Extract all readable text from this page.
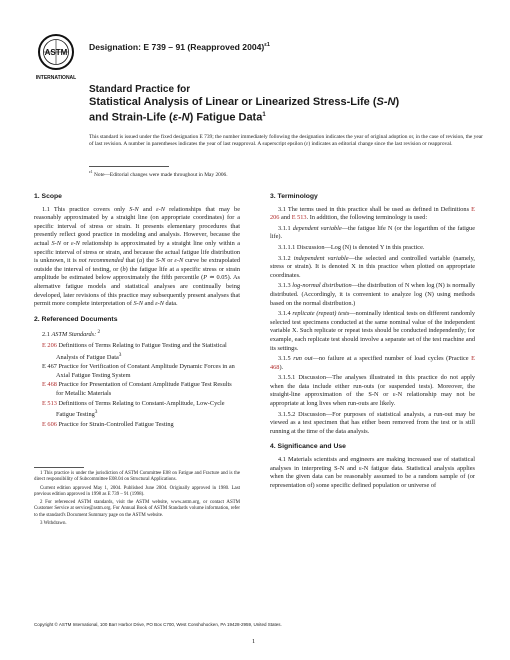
ASTM
INTERNATIONAL
Designation: E 739 – 91 (Reapproved 2004)$^{\varepsilon 1}$
Standard Practice for
Statistical Analysis of Linear or Linearized Stress-Life (S-N)
and Strain-Life (ε-N) Fatigue Data$^1$
This standard is issued under the fixed designation E 739; the number immediately following the designation indicates the year of original adoption or, in the case of revision, the year of last revision. A number in parentheses indicates the year of last reapproval. A superscript epsilon (ε) indicates an editorial change since the last revision or reapproval.
$^{\varepsilon 1}$ Note—Editorial changes were made throughout in May 2006.
1. Scope

1.1 This practice covers only S-N and ε-N relationships that may be reasonably approximated by a straight line (on appropriate coordinates) for a specific interval of stress or strain. It presents elementary procedures that presently reflect good practice in modeling and analysis. However, because the actual S-N or ε-N relationship is approximated by a straight line only within a specific interval of stress or strain, and because the actual fatigue life distribution is unknown, it is not recommended that (a) the S-N or ε-N curve be extrapolated outside the interval of testing, or (b) the fatigue life at a specific stress or strain amplitude be estimated below approximately the fifth percentile (P ≃ 0.05). As alternative fatigue models and statistical analyses are continually being developed, later revisions of this practice may subsequently present analyses that permit more complete interpretation of S-N and ε-N data.

2. Referenced Documents

2.1 ASTM Standards: $^2$

E 206 Definitions of Terms Relating to Fatigue Testing and the Statistical Analysis of Fatigue Data$^3$

E 467 Practice for Verification of Constant Amplitude Dynamic Forces in an Axial Fatigue Testing System

E 468 Practice for Presentation of Constant Amplitude Fatigue Test Results for Metallic Materials

E 513 Definitions of Terms Relating to Constant-Amplitude, Low-Cycle Fatigue Testing$^3$

E 606 Practice for Strain-Controlled Fatigue Testing

1 This practice is under the jurisdiction of ASTM Committee E08 on Fatigue and Fracture and is the direct responsibility of Subcommittee E08.04 on Structural Applications.

Current edition approved May 1, 2004. Published June 2004. Originally approved in 1980. Last previous edition approved in 1998 as E 739 – 91 (1998).

2 For referenced ASTM standards, visit the ASTM website, www.astm.org, or contact ASTM Customer Service at service@astm.org. For Annual Book of ASTM Standards volume information, refer to the standard's Document Summary page on the ASTM website.

3 Withdrawn.

3. Terminology

3.1 The terms used in this practice shall be used as defined in Definitions E 206 and E 513. In addition, the following terminology is used:

3.1.1 dependent variable—the fatigue life N (or the logarithm of the fatigue life).

3.1.1.1 Discussion—Log (N) is denoted Y in this practice.

3.1.2 independent variable—the selected and controlled variable (namely, stress or strain). It is denoted X in this practice when plotted on appropriate coordinates.

3.1.3 log-normal distribution—the distribution of N when log (N) is normally distributed. (Accordingly, it is convenient to analyze log (N) using methods based on the normal distribution.)

3.1.4 replicate (repeat) tests—nominally identical tests on different randomly selected test specimens conducted at the same nominal value of the independent variable X. Such replicate or repeat tests should be conducted independently; for example, each replicate test should involve a separate set of the test machine and its settings.

3.1.5 run out—no failure at a specified number of load cycles (Practice E 468).

3.1.5.1 Discussion—The analyses illustrated in this practice do not apply when the data include either run-outs (or suspended tests). Moreover, the straight-line approximation of the S-N or ε-N relationship may not be appropriate at long lives when run-outs are likely.

3.1.5.2 Discussion—For purposes of statistical analysis, a run-out may be viewed as a test specimen that has either been removed from the test or is still running at the time of the data analysis.

4. Significance and Use

4.1 Materials scientists and engineers are making increased use of statistical analyses in interpreting S-N and ε-N fatigue data. Statistical analysis applies when the given data can be reasonably assumed to be a random sample of (or representation of) some specific defined population or universe of

Copyright © ASTM International, 100 Barr Harbor Drive, PO Box C700, West Conshohocken, PA 19428-2959, United States.
1
